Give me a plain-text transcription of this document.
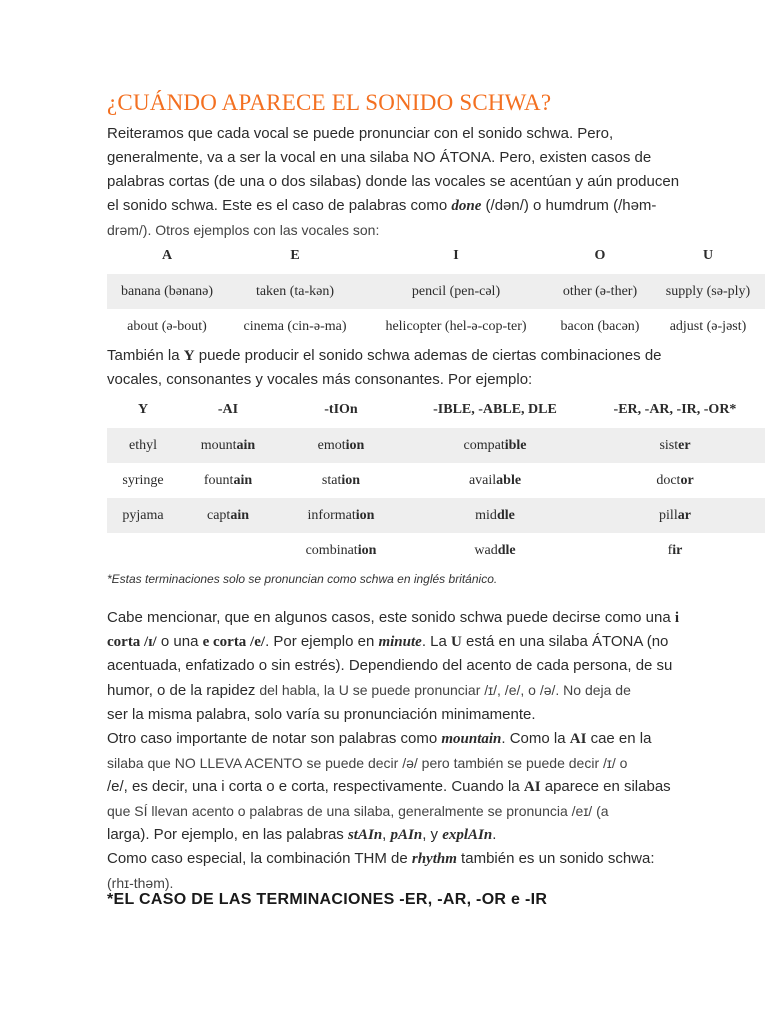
¿CUÁNDO APARECE EL SONIDO SCHWA?

Reiteramos que cada vocal se puede pronunciar con el sonido schwa. Pero,
generalmente, va a ser la vocal en una silaba NO ÁTONA. Pero, existen casos de
palabras cortas (de una o dos silabas) donde las vocales se acentúan y aún producen
el sonido schwa. Este es el caso de palabras como done (/dən/) o humdrum (/həm-
drəm/). Otros ejemplos con las vocales son:

A	E	I	O	U
banana (bənanə)	taken (ta-kən)	pencil (pen-cəl)	other (ə-ther)	supply (sə-ply)
about (ə-bout)	cinema (cin-ə-ma)	helicopter (hel-ə-cop-ter)	bacon (bacən)	adjust (ə-jəst)

También la Y puede producir el sonido schwa ademas de ciertas combinaciones de
vocales, consonantes y vocales más consonantes. Por ejemplo:

Y	-AI	-tIOn	-IBLE, -ABLE, DLE	-ER, -AR, -IR, -OR*
ethyl	mountain	emotion	compatible	sister
syringe	fountain	station	available	doctor
pyjama	captain	information	middle	pillar
		combination	waddle	fir

*Estas terminaciones solo se pronuncian como schwa en inglés británico.

Cabe mencionar, que en algunos casos, este sonido schwa puede decirse como una i
corta /ɪ/ o una e corta /e/. Por ejemplo en minute. La U está en una silaba ÁTONA (no
acentuada, enfatizado o sin estrés). Dependiendo del acento de cada persona, de su
humor, o de la rapidez del habla, la U se puede pronunciar /ɪ/, /e/, o /ə/. No deja de
ser la misma palabra, solo varía su pronunciación minimamente.
Otro caso importante de notar son palabras como mountain. Como la AI cae en la
silaba que NO LLEVA ACENTO se puede decir /ə/ pero también se puede decir /ɪ/ o
/e/, es decir, una i corta o e corta, respectivamente. Cuando la AI aparece en silabas
que SÍ llevan acento o palabras de una silaba, generalmente se pronuncia /eɪ/ (a
larga). Por ejemplo, en las palabras stAIn, pAIn, y explAIn.
Como caso especial, la combinación THM de rhythm también es un sonido schwa:
(rhɪ-thəm).

*EL CASO DE LAS TERMINACIONES -ER, -AR, -OR e -IR
